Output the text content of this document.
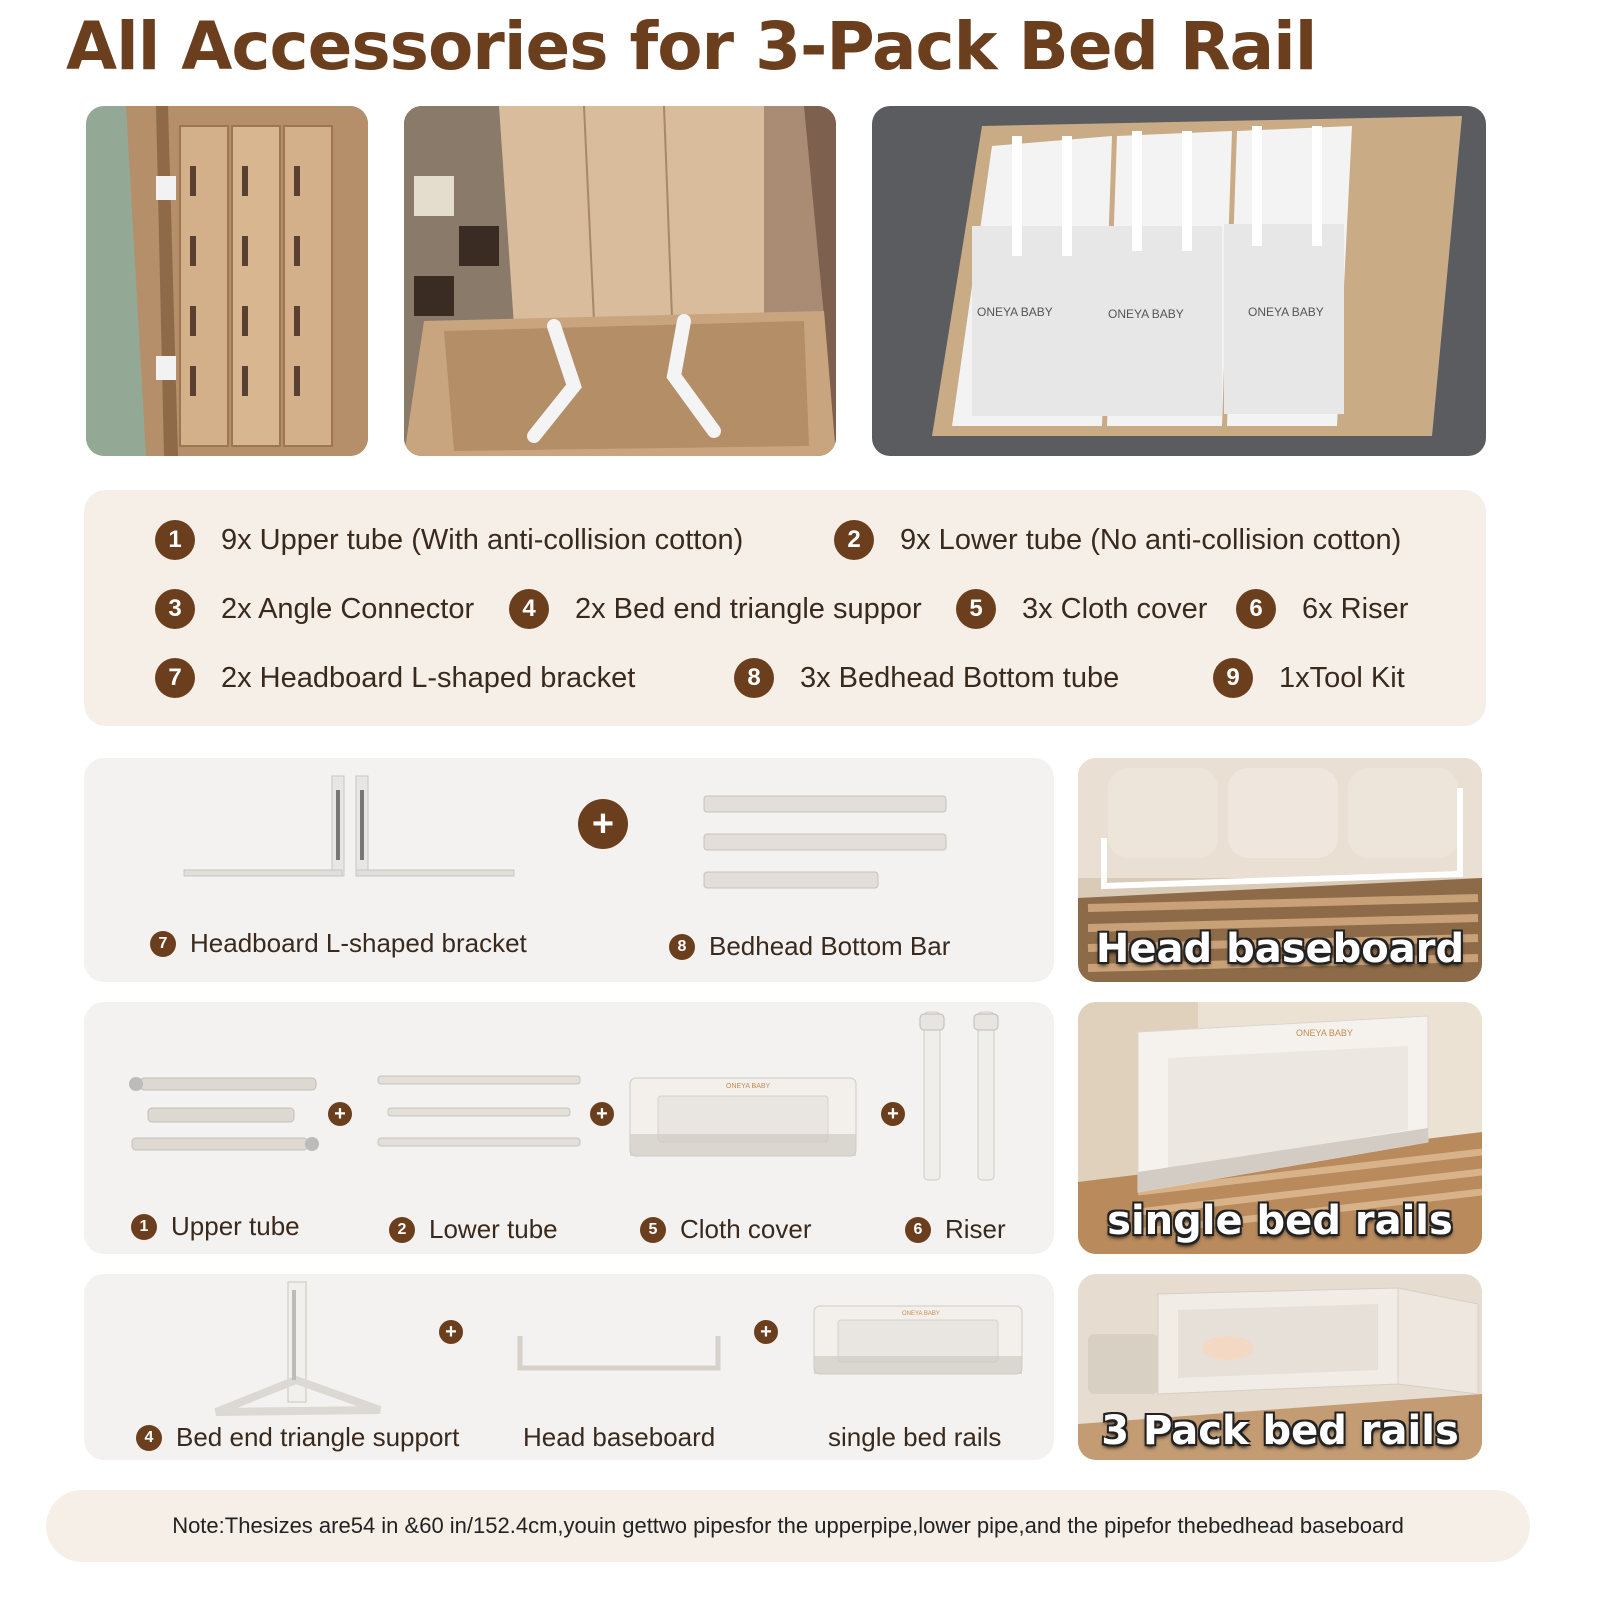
All Accessories for 3-Pack Bed Rail
ONEYA BABY	ONEYA BABY	ONEYA BABY
1	9x Upper tube (With anti-collision cotton)	2	9x Lower tube (No anti-collision cotton)
3	2x Angle Connector	4	2x Bed end triangle suppor	5	3x Cloth cover	6	6x Riser
7	2x Headboard L-shaped bracket	8	3x Bedhead Bottom tube	9	1xTool Kit
+
7 Headboard L-shaped bracket	8 Bedhead Bottom Bar	Head baseboard
+	+
ONEYA BABY
+
1 Upper tube	2 Lower tube	5 Cloth cover	6 Riser
ONEYA BABY
single bed rails
+	+
ONEYA BABY
4 Bed end triangle support Head baseboard	single bed rails	3 Pack bed rails
Note:Thesizes are54 in &60 in/152.4cm,youin gettwo pipesfor the upperpipe,lower pipe,and the pipefor thebedhead baseboard
